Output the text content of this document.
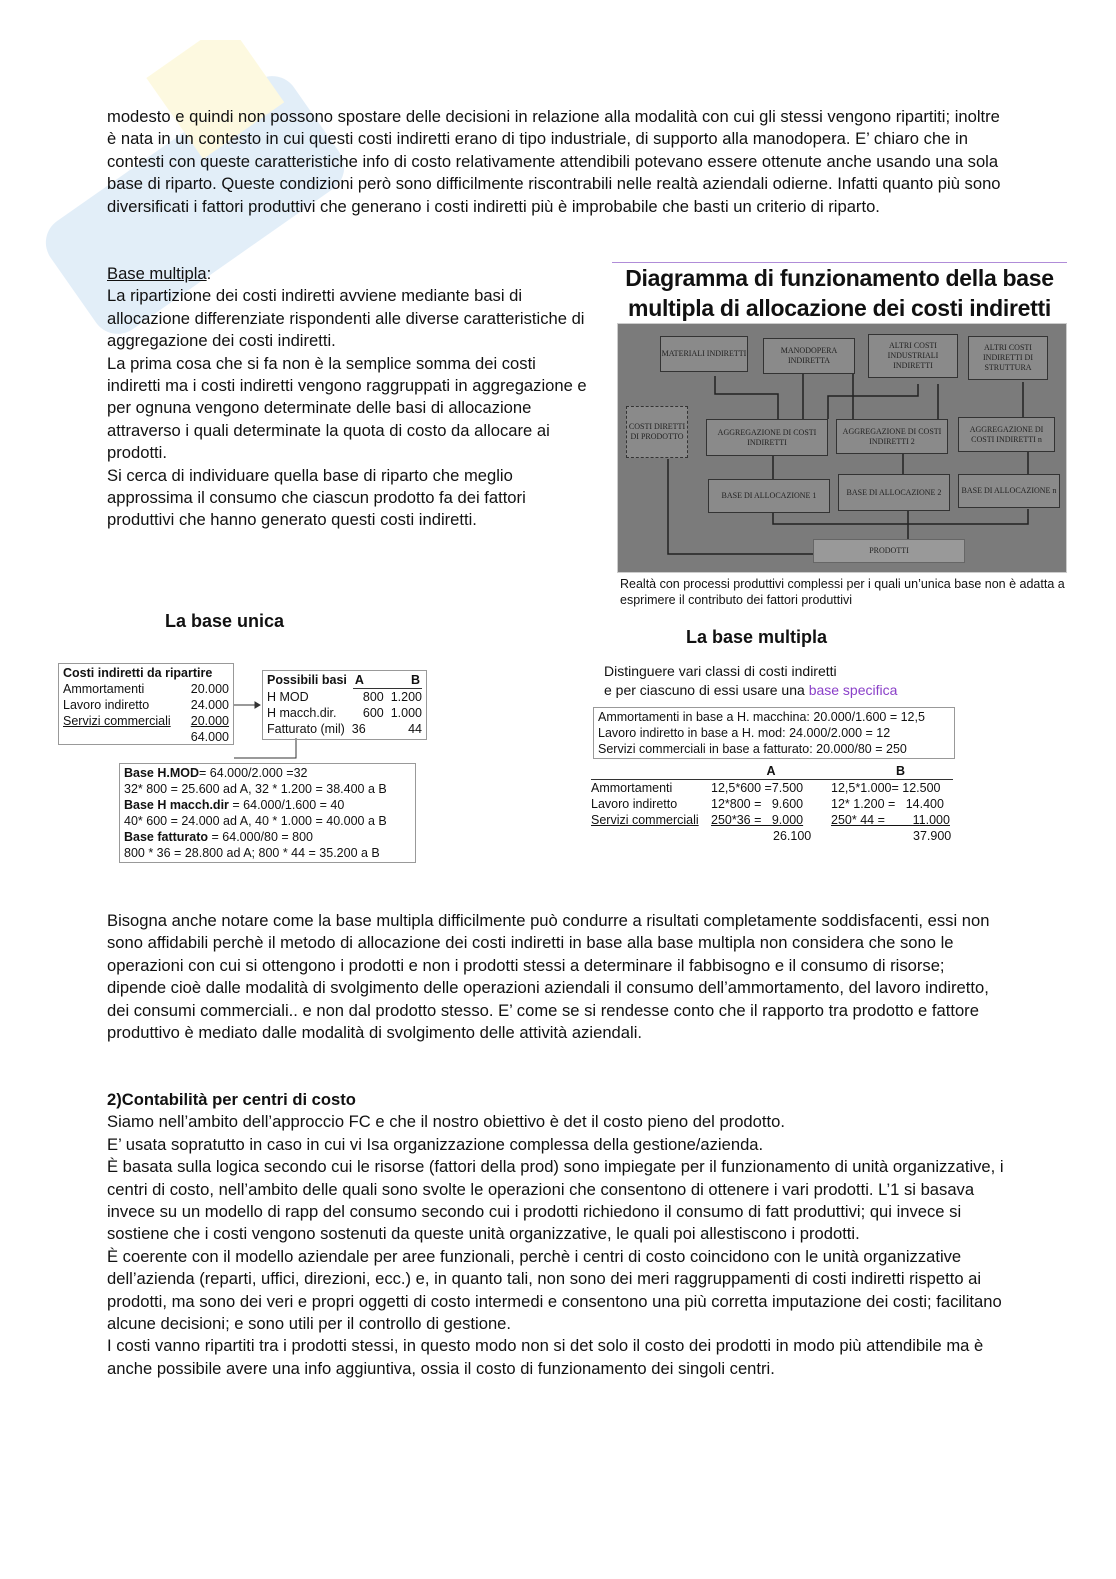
modesto e quindi non possono spostare delle decisioni in relazione alla modalità con cui gli stessi vengono ripartiti; inoltre è nata in un contesto in cui questi costi indiretti erano di tipo industriale, di supporto alla manodopera. E’ chiaro che in contesti con queste caratteristiche info di costo relativamente attendibili potevano essere ottenute anche usando una sola base di riparto. Queste condizioni però sono difficilmente riscontrabili nelle realtà aziendali odierne. Infatti quanto più sono diversificati i fattori produttivi che generano i costi indiretti più è improbabile che basti un criterio di riparto.

Base multipla:

La ripartizione dei costi indiretti avviene mediante basi di allocazione differenziate rispondenti alle diverse caratteristiche di aggregazione dei costi indiretti.

La prima cosa che si fa non è la semplice somma dei costi indiretti ma i costi indiretti vengono raggruppati in aggregazione e per ognuna vengono determinate delle basi di allocazione attraverso i quali determinate la quota di costo da allocare ai prodotti.

Si cerca di individuare quella base di riparto che meglio approssima il consumo che ciascun prodotto fa dei fattori produttivi che hanno generato questi costi indiretti.

Diagramma di funzionamento della base multipla di allocazione dei costi indiretti
MATERIALI INDIRETTI	MANODOPERA INDIRETTA
ALTRI COSTI INDUSTRIALI INDIRETTI
ALTRI COSTI INDIRETTI DI STRUTTURA
COSTI DIRETTI DI PRODOTTO	AGGREGAZIONE DI COSTI INDIRETTI
AGGREGAZIONE DI COSTI INDIRETTI 2
AGGREGAZIONE DI COSTI INDIRETTI n
BASE DI ALLOCAZIONE 1	BASE DI ALLOCAZIONE 2	BASE DI ALLOCAZIONE n
PRODOTTI
Realtà con processi produttivi complessi per i quali un’unica base non è adatta a esprimere il contributo dei fattori produttivi
La base unica
Costi indiretti da ripartire
Ammortamenti	20.000
Lavoro indiretto	24.000
Servizi commerciali 20.000
64.000
Possibili basi A	B
H MOD	800 1.200
H macch.dir. 600 1.000
Fatturato (mil) 36	44
Base H.MOD= 64.000/2.000 =32
32* 800 = 25.600 ad A, 32 * 1.200 = 38.400 a B
Base H macch.dir = 64.000/1.600 = 40
40* 600 = 24.000 ad A, 40 * 1.000 = 40.000 a B
Base fatturato = 64.000/80 = 800
800 * 36 = 28.800 ad A; 800 * 44 = 35.200 a B
La base multipla
Distinguere vari classi di costi indiretti
e per ciascuno di essi usare una base specifica
Ammortamenti in base a H. macchina: 20.000/1.600 = 12,5
Lavoro indiretto in base a H. mod: 24.000/2.000 = 12
Servizi commerciali in base a fatturato: 20.000/80 = 250
A	B
Ammortamenti	12,5*600 =7.500	12,5*1.000= 12.500
Lavoro indiretto	12*800 =   9.600	12* 1.200 =   14.400
Servizi commerciali 250*36 =   9.000	250* 44 =        11.000
26.100	37.900
Bisogna anche notare come la base multipla difficilmente può condurre a risultati completamente soddisfacenti, essi non sono affidabili perchè il metodo di allocazione dei costi indiretti in base alla base multipla non considera che sono le operazioni con cui si ottengono i prodotti e non i prodotti stessi a determinare il fabbisogno e il consumo di risorse; dipende cioè dalle modalità di svolgimento delle operazioni aziendali il consumo dell’ammortamento, del lavoro indiretto, dei consumi commerciali.. e non dal prodotto stesso. E’ come se si rendesse conto che il rapporto tra prodotto e fattore produttivo è mediato dalle modalità di svolgimento delle attività aziendali.

2)Contabilità per centri di costo

Siamo nell’ambito dell’approccio FC e che il nostro obiettivo è det il costo pieno del prodotto.

E’ usata sopratutto in caso in cui vi Isa organizzazione complessa della gestione/azienda.

È basata sulla logica secondo cui le risorse (fattori della prod) sono impiegate per il funzionamento di unità organizzative, i centri di costo, nell’ambito delle quali sono svolte le operazioni che consentono di ottenere i vari prodotti. L’1 si basava invece su un modello di rapp del consumo secondo cui i prodotti richiedono il consumo di fatt produttivi; qui invece si sostiene che i costi vengono sostenuti da queste unità organizzative, le quali poi allestiscono i prodotti.

È coerente con il modello aziendale per aree funzionali, perchè i centri di costo coincidono con le unità organizzative dell’azienda (reparti, uffici, direzioni, ecc.) e, in quanto tali, non sono dei meri raggruppamenti di costi indiretti rispetto ai prodotti, ma sono dei veri e propri oggetti di costo intermedi e consentono una più corretta imputazione dei costi; facilitano alcune decisioni; e sono utili per il controllo di gestione.

I costi vanno ripartiti tra i prodotti stessi, in questo modo non si det solo il costo dei prodotti in modo più attendibile ma è anche possibile avere una info aggiuntiva, ossia il costo di funzionamento dei singoli centri.
